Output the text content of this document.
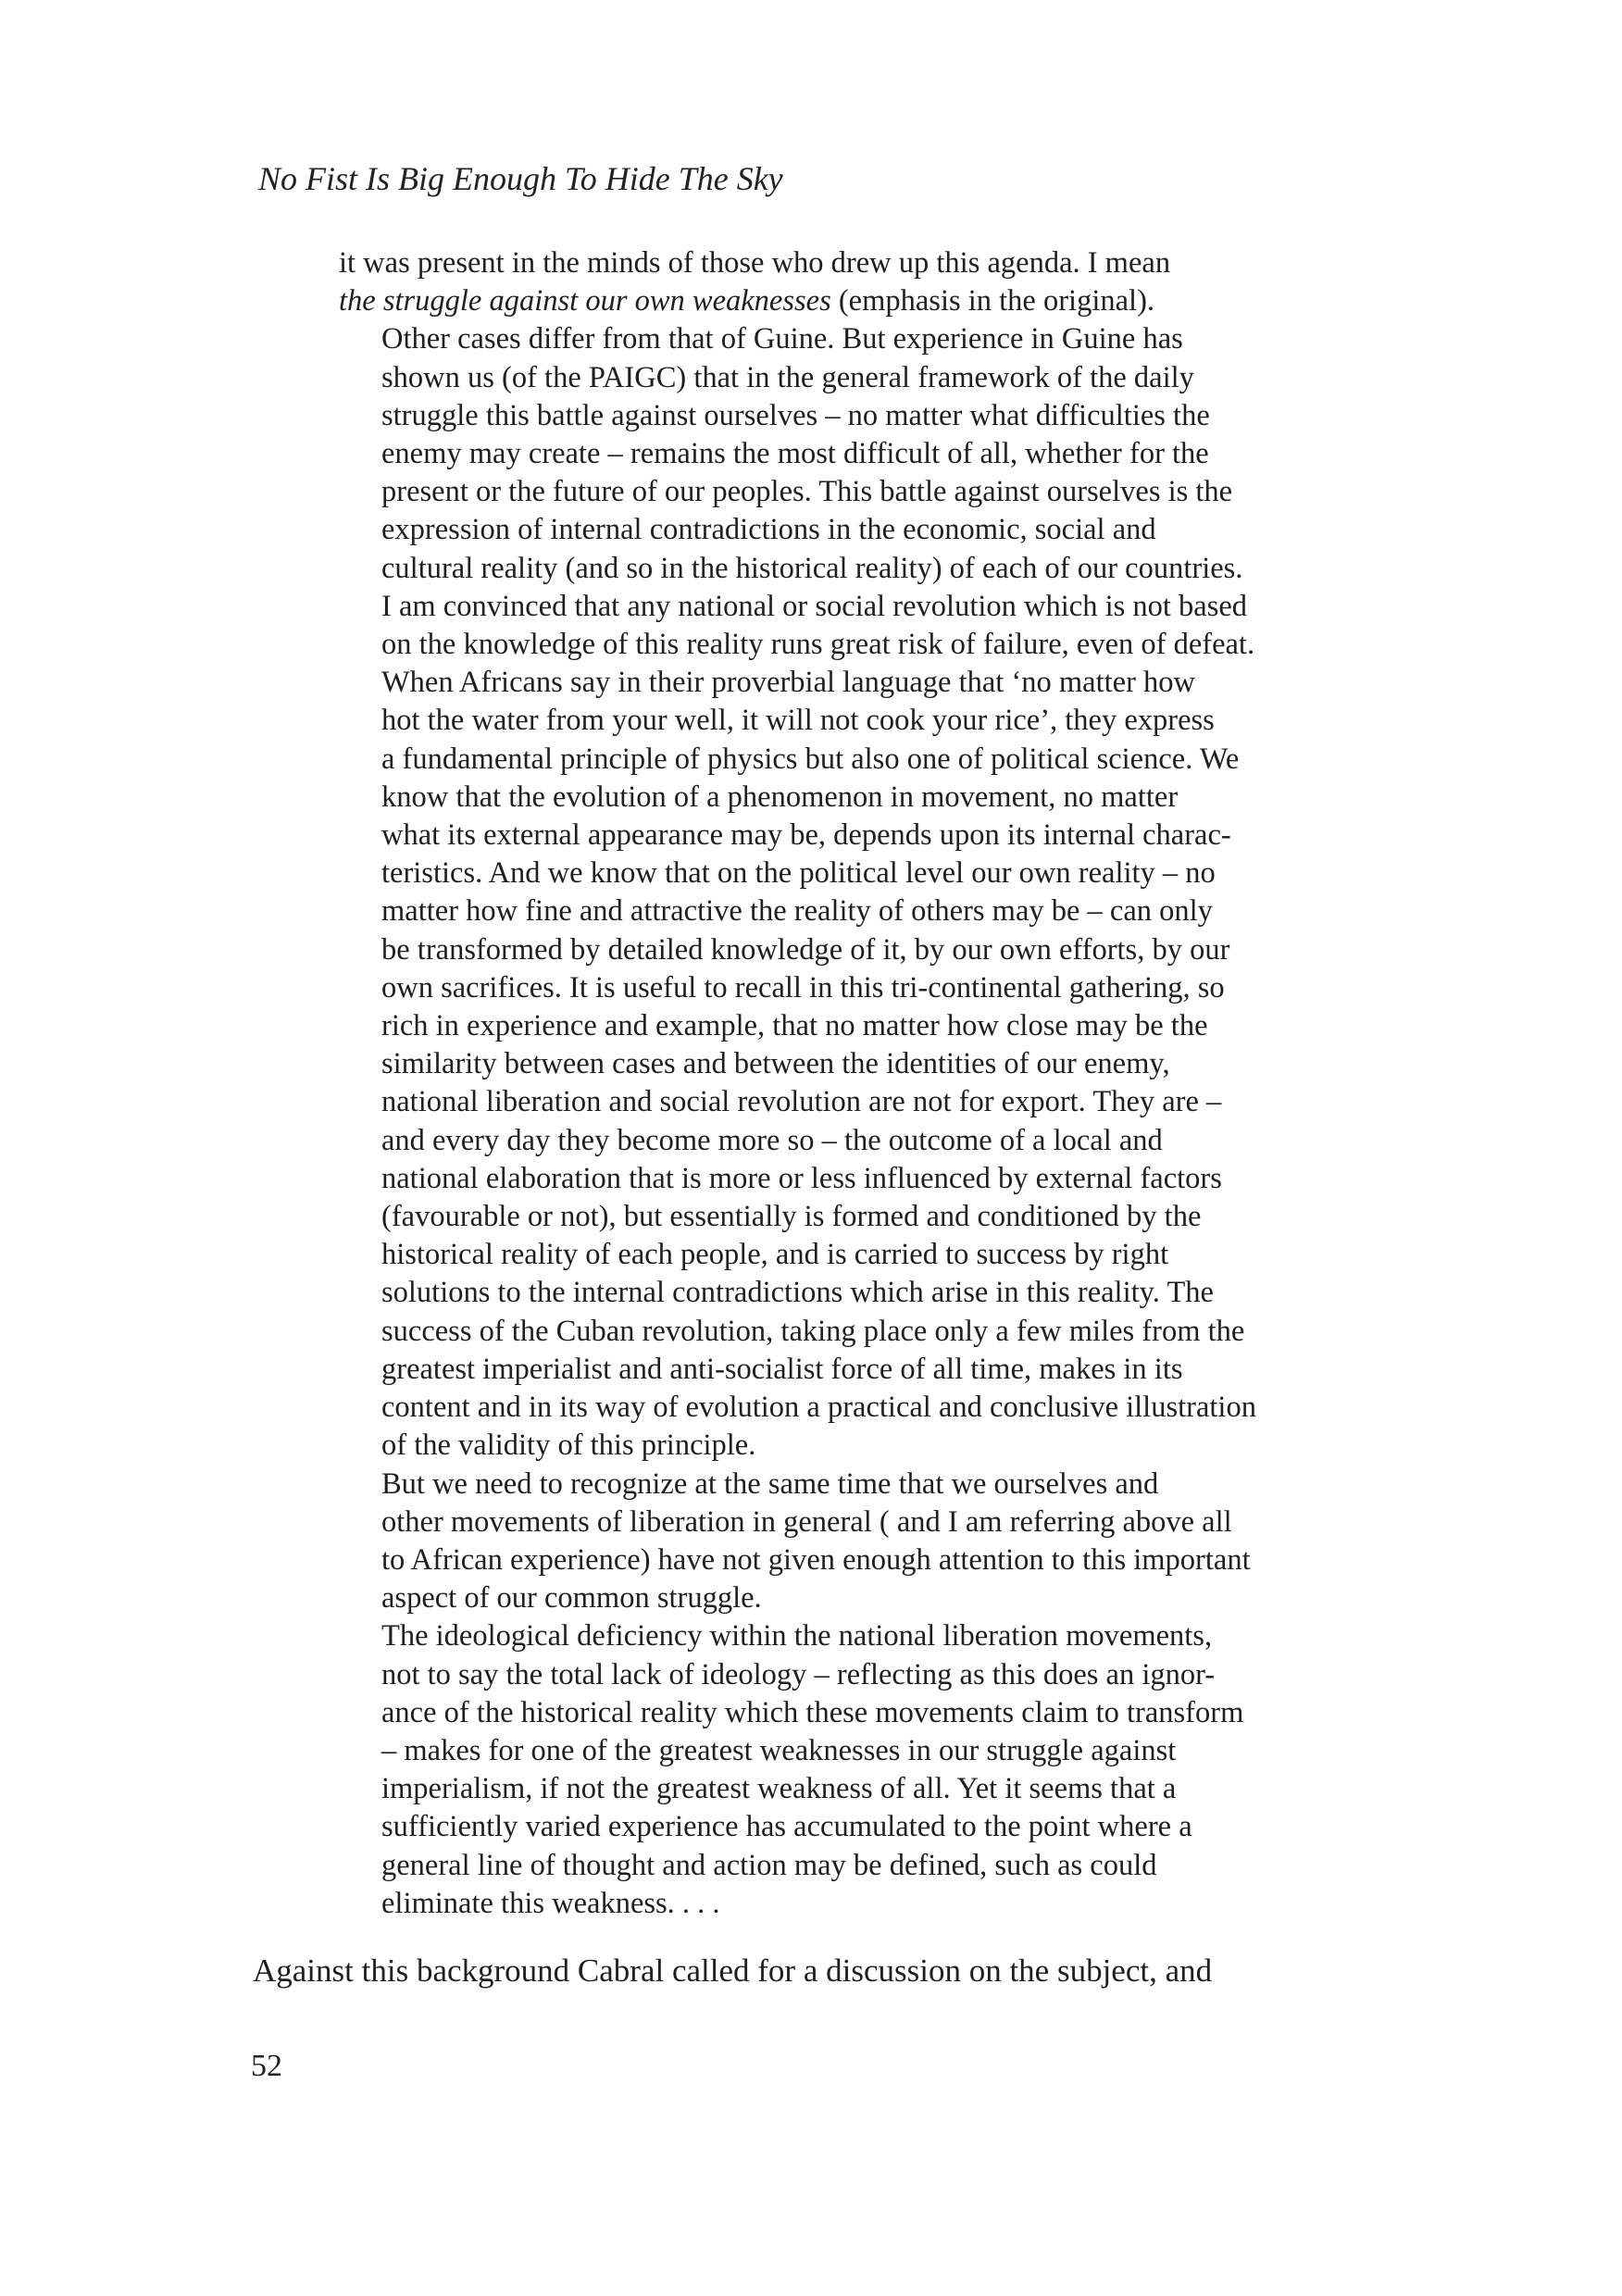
No Fist Is Big Enough To Hide The Sky

it was present in the minds of those who drew up this agenda. I mean
the struggle against our own weaknesses (emphasis in the original).

Other cases differ from that of Guine. But experience in Guine has
shown us (of the PAIGC) that in the general framework of the daily
struggle this battle against ourselves – no matter what difficulties the
enemy may create – remains the most difficult of all, whether for the
present or the future of our peoples. This battle against ourselves is the
expression of internal contradictions in the economic, social and
cultural reality (and so in the historical reality) of each of our countries.
I am convinced that any national or social revolution which is not based
on the knowledge of this reality runs great risk of failure, even of defeat.

When Africans say in their proverbial language that ‘no matter how
hot the water from your well, it will not cook your rice’, they express
a fundamental principle of physics but also one of political science. We
know that the evolution of a phenomenon in movement, no matter
what its external appearance may be, depends upon its internal charac-
teristics. And we know that on the political level our own reality – no
matter how fine and attractive the reality of others may be – can only
be transformed by detailed knowledge of it, by our own efforts, by our
own sacrifices. It is useful to recall in this tri-continental gathering, so
rich in experience and example, that no matter how close may be the
similarity between cases and between the identities of our enemy,
national liberation and social revolution are not for export. They are –
and every day they become more so – the outcome of a local and
national elaboration that is more or less influenced by external factors
(favourable or not), but essentially is formed and conditioned by the
historical reality of each people, and is carried to success by right
solutions to the internal contradictions which arise in this reality. The
success of the Cuban revolution, taking place only a few miles from the
greatest imperialist and anti-socialist force of all time, makes in its
content and in its way of evolution a practical and conclusive illustration
of the validity of this principle.

But we need to recognize at the same time that we ourselves and
other movements of liberation in general ( and I am referring above all
to African experience) have not given enough attention to this important
aspect of our common struggle.

The ideological deficiency within the national liberation movements,
not to say the total lack of ideology – reflecting as this does an ignor-
ance of the historical reality which these movements claim to transform
– makes for one of the greatest weaknesses in our struggle against
imperialism, if not the greatest weakness of all. Yet it seems that a
sufficiently varied experience has accumulated to the point where a
general line of thought and action may be defined, such as could
eliminate this weakness. . . .

Against this background Cabral called for a discussion on the subject, and

52
